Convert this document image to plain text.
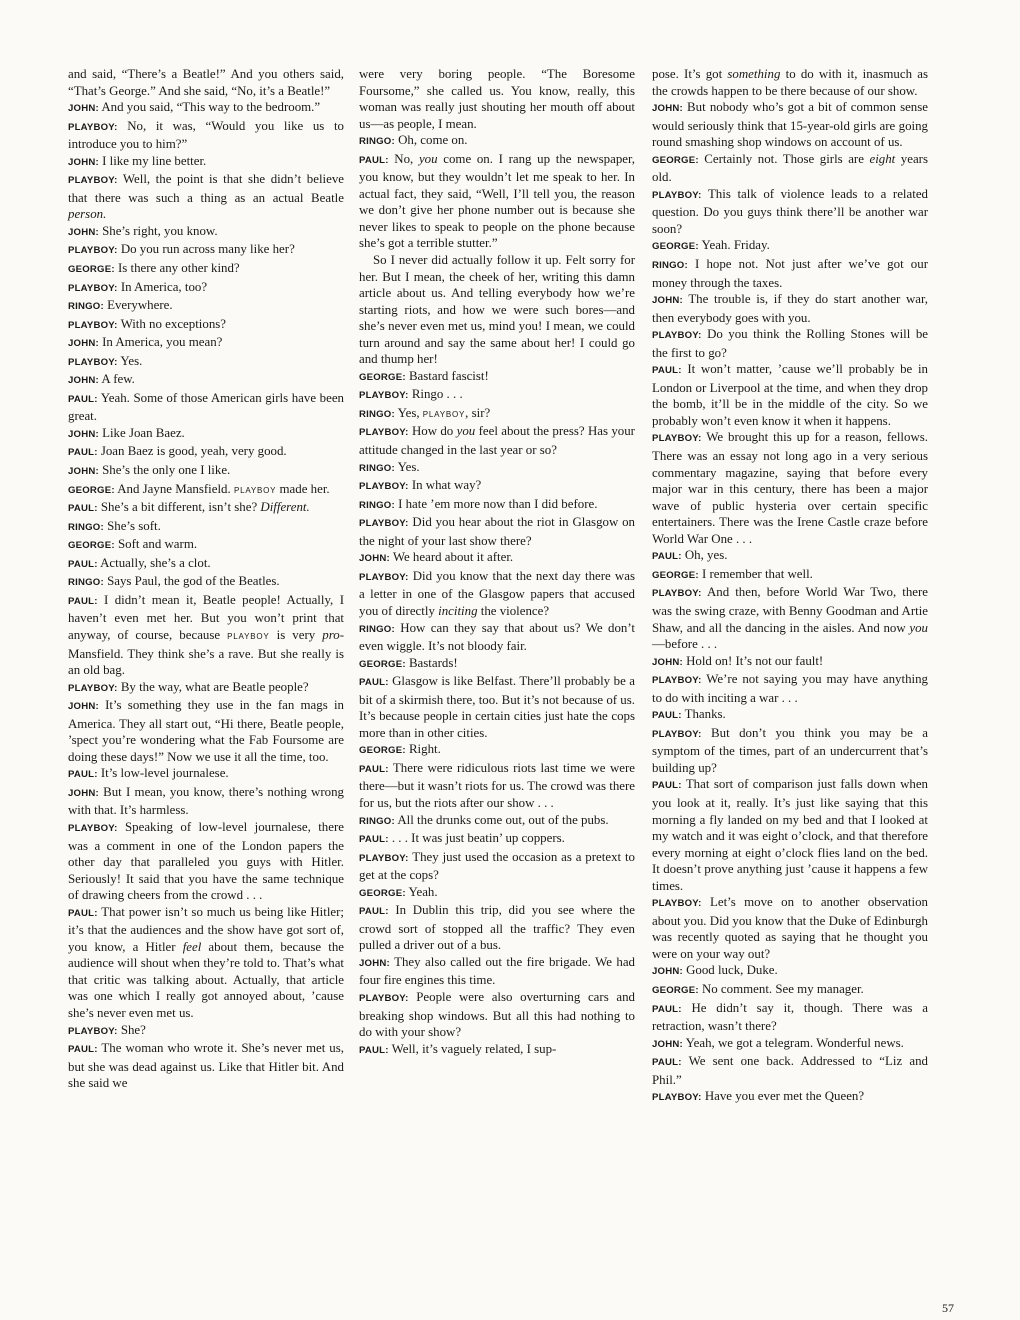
and said, “There’s a Beatle!” And you others said, “That’s George.” And she said, “No, it’s a Beatle!”

JOHN: And you said, “This way to the bedroom.”

PLAYBOY: No, it was, “Would you like us to introduce you to him?”

JOHN: I like my line better.

PLAYBOY: Well, the point is that she didn’t believe that there was such a thing as an actual Beatle person.

JOHN: She’s right, you know.

PLAYBOY: Do you run across many like her?

GEORGE: Is there any other kind?

PLAYBOY: In America, too?

RINGO: Everywhere.

PLAYBOY: With no exceptions?

JOHN: In America, you mean?

PLAYBOY: Yes.

JOHN: A few.

PAUL: Yeah. Some of those American girls have been great.

JOHN: Like Joan Baez.

PAUL: Joan Baez is good, yeah, very good.

JOHN: She’s the only one I like.

GEORGE: And Jayne Mansfield. PLAYBOY made her.

PAUL: She’s a bit different, isn’t she? Different.

RINGO: She’s soft.

GEORGE: Soft and warm.

PAUL: Actually, she’s a clot.

RINGO: Says Paul, the god of the Beatles.

PAUL: I didn’t mean it, Beatle people! Actually, I haven’t even met her. But you won’t print that anyway, of course, because PLAYBOY is very pro-Mansfield. They think she’s a rave. But she really is an old bag.

PLAYBOY: By the way, what are Beatle people?

JOHN: It’s something they use in the fan mags in America. They all start out, “Hi there, Beatle people, ’spect you’re wondering what the Fab Foursome are doing these days!” Now we use it all the time, too.

PAUL: It’s low-level journalese.

JOHN: But I mean, you know, there’s nothing wrong with that. It’s harmless.

PLAYBOY: Speaking of low-level journalese, there was a comment in one of the London papers the other day that paralleled you guys with Hitler. Seriously! It said that you have the same technique of drawing cheers from the crowd . . .

PAUL: That power isn’t so much us being like Hitler; it’s that the audiences and the show have got sort of, you know, a Hitler feel about them, because the audience will shout when they’re told to. That’s what that critic was talking about. Actually, that article was one which I really got annoyed about, ’cause she’s never even met us.

PLAYBOY: She?

PAUL: The woman who wrote it. She’s never met us, but she was dead against us. Like that Hitler bit. And she said we

were very boring people. “The Boresome Foursome,” she called us. You know, really, this woman was really just shouting her mouth off about us—as people, I mean.

RINGO: Oh, come on.

PAUL: No, you come on. I rang up the newspaper, you know, but they wouldn’t let me speak to her. In actual fact, they said, “Well, I’ll tell you, the reason we don’t give her phone number out is because she never likes to speak to people on the phone because she’s got a terrible stutter.”

So I never did actually follow it up. Felt sorry for her. But I mean, the cheek of her, writing this damn article about us. And telling everybody how we’re starting riots, and how we were such bores—and she’s never even met us, mind you! I mean, we could turn around and say the same about her! I could go and thump her!

GEORGE: Bastard fascist!

PLAYBOY: Ringo . . .

RINGO: Yes, PLAYBOY, sir?

PLAYBOY: How do you feel about the press? Has your attitude changed in the last year or so?

RINGO: Yes.

PLAYBOY: In what way?

RINGO: I hate ’em more now than I did before.

PLAYBOY: Did you hear about the riot in Glasgow on the night of your last show there?

JOHN: We heard about it after.

PLAYBOY: Did you know that the next day there was a letter in one of the Glasgow papers that accused you of directly inciting the violence?

RINGO: How can they say that about us? We don’t even wiggle. It’s not bloody fair.

GEORGE: Bastards!

PAUL: Glasgow is like Belfast. There’ll probably be a bit of a skirmish there, too. But it’s not because of us. It’s because people in certain cities just hate the cops more than in other cities.

GEORGE: Right.

PAUL: There were ridiculous riots last time we were there—but it wasn’t riots for us. The crowd was there for us, but the riots after our show . . .

RINGO: All the drunks come out, out of the pubs.

PAUL: . . . It was just beatin’ up coppers.

PLAYBOY: They just used the occasion as a pretext to get at the cops?

GEORGE: Yeah.

PAUL: In Dublin this trip, did you see where the crowd sort of stopped all the traffic? They even pulled a driver out of a bus.

JOHN: They also called out the fire brigade. We had four fire engines this time.

PLAYBOY: People were also overturning cars and breaking shop windows. But all this had nothing to do with your show?

PAUL: Well, it’s vaguely related, I sup-

pose. It’s got something to do with it, inasmuch as the crowds happen to be there because of our show.

JOHN: But nobody who’s got a bit of common sense would seriously think that 15-year-old girls are going round smashing shop windows on account of us.

GEORGE: Certainly not. Those girls are eight years old.

PLAYBOY: This talk of violence leads to a related question. Do you guys think there’ll be another war soon?

GEORGE: Yeah. Friday.

RINGO: I hope not. Not just after we’ve got our money through the taxes.

JOHN: The trouble is, if they do start another war, then everybody goes with you.

PLAYBOY: Do you think the Rolling Stones will be the first to go?

PAUL: It won’t matter, ’cause we’ll probably be in London or Liverpool at the time, and when they drop the bomb, it’ll be in the middle of the city. So we probably won’t even know it when it happens.

PLAYBOY: We brought this up for a reason, fellows. There was an essay not long ago in a very serious commentary magazine, saying that before every major war in this century, there has been a major wave of public hysteria over certain specific entertainers. There was the Irene Castle craze before World War One . . .

PAUL: Oh, yes.

GEORGE: I remember that well.

PLAYBOY: And then, before World War Two, there was the swing craze, with Benny Goodman and Artie Shaw, and all the dancing in the aisles. And now you—before . . .

JOHN: Hold on! It’s not our fault!

PLAYBOY: We’re not saying you may have anything to do with inciting a war . . .

PAUL: Thanks.

PLAYBOY: But don’t you think you may be a symptom of the times, part of an undercurrent that’s building up?

PAUL: That sort of comparison just falls down when you look at it, really. It’s just like saying that this morning a fly landed on my bed and that I looked at my watch and it was eight o’clock, and that therefore every morning at eight o’clock flies land on the bed. It doesn’t prove anything just ’cause it happens a few times.

PLAYBOY: Let’s move on to another observation about you. Did you know that the Duke of Edinburgh was recently quoted as saying that he thought you were on your way out?

JOHN: Good luck, Duke.

GEORGE: No comment. See my manager.

PAUL: He didn’t say it, though. There was a retraction, wasn’t there?

JOHN: Yeah, we got a telegram. Wonderful news.

PAUL: We sent one back. Addressed to “Liz and Phil.”

PLAYBOY: Have you ever met the Queen?

57
